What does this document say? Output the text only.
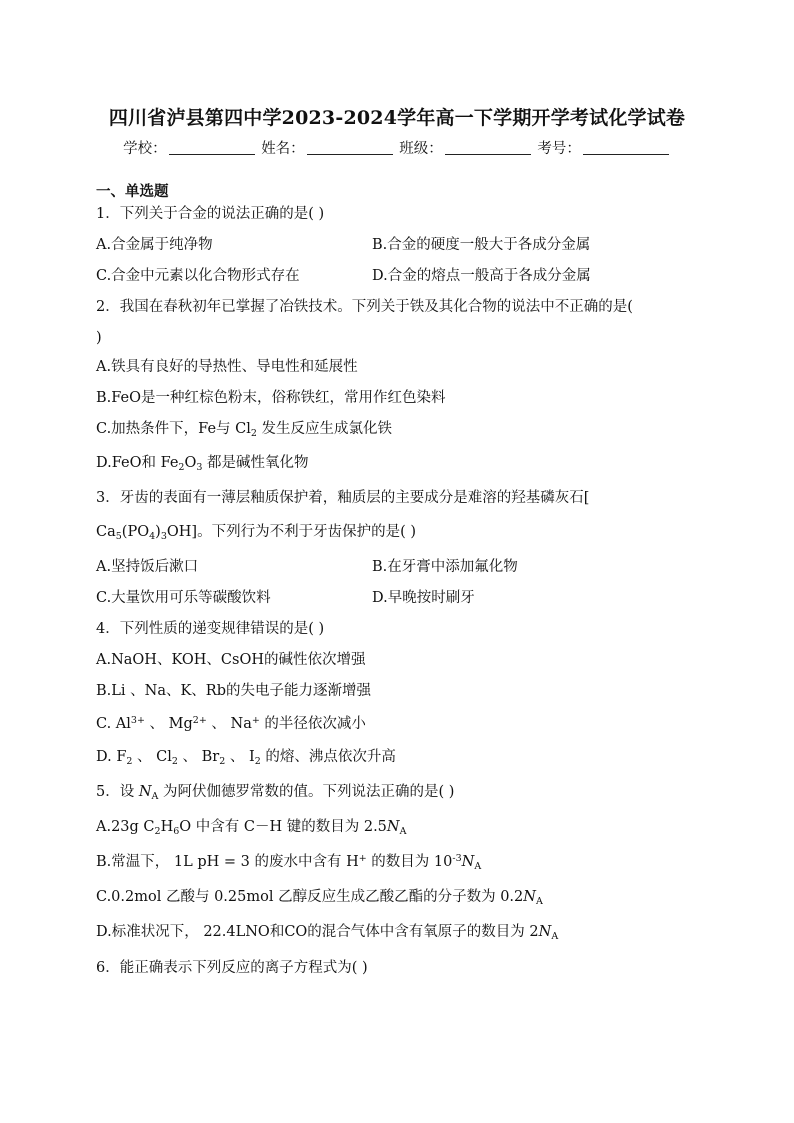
四川省泸县第四中学2023-2024学年高一下学期开学考试化学试卷
学校：	姓名：	班级：	考号：
一、单选题
1．下列关于合金的说法正确的是( )
A.合金属于纯净物	B.合金的硬度一般大于各成分金属
C.合金中元素以化合物形式存在	D.合金的熔点一般高于各成分金属
2．我国在春秋初年已掌握了冶铁技术。下列关于铁及其化合物的说法中不正确的是(
)
A.铁具有良好的导热性、导电性和延展性
B.FeO是一种红棕色粉末，俗称铁红，常用作红色染料
C.加热条件下，Fe与 $Cl_2$ 发生反应生成氯化铁
D.FeO和 $Fe_2O_3$ 都是碱性氧化物
3．牙齿的表面有一薄层釉质保护着，釉质层的主要成分是难溶的羟基磷灰石[
$Ca_5(PO_4)_3OH$]。下列行为不利于牙齿保护的是( )
A.坚持饭后漱口	B.在牙膏中添加氟化物
C.大量饮用可乐等碳酸饮料	D.早晚按时刷牙
4．下列性质的递变规律错误的是( )
A.NaOH、KOH、CsOH的碱性依次增强
B.Li 、Na、K、Rb的失电子能力逐渐增强
C. $Al^{3+}$ 、 $Mg^{2+}$ 、 Na+ 的半径依次减小
D. $F_2$ 、 $Cl_2$ 、 $Br_2$ 、 $I_2$ 的熔、沸点依次升高
5．设 $N_A$ 为阿伏伽德罗常数的值。下列说法正确的是( )
A.23g $C_2H_6O$ 中含有 C－H 键的数目为 $2.5N_A$
B.常温下， 1L pH = 3 的废水中含有 H+ 的数目为 $10^{-3}N_A$
C.0.2mol 乙酸与 0.25mol 乙醇反应生成乙酸乙酯的分子数为 $0.2N_A$
D.标准状况下， 22.4LNO和CO的混合气体中含有氧原子的数目为 $2N_A$
6．能正确表示下列反应的离子方程式为( )
